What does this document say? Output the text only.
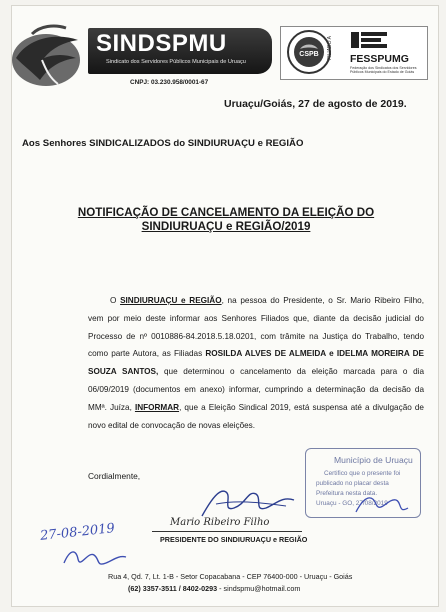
SINDSPMU
Sindicato dos Servidores Públicos Municipais de Uruaçu
CNPJ: 03.230.958/0001-67
CSPB FILIADO A FESSPUMG
Federação dos Sindicatos dos Servidores Públicos Municipais do Estado de Goiás
Uruaçu/Goiás, 27 de agosto de 2019.
Aos Senhores SINDICALIZADOS do SINDIURUAÇU e REGIÃO
NOTIFICAÇÃO DE CANCELAMENTO DA ELEIÇÃO DO
SINDIURUAÇU e REGIÃO/2019
O SINDIURUAÇU e REGIÃO, na pessoa do Presidente, o Sr. Mario Ribeiro Filho, vem por meio deste informar aos Senhores Filiados que, diante da decisão judicial do Processo de nº 0010886-84.2018.5.18.0201, com trâmite na Justiça do Trabalho, tendo como parte Autora, as Filiadas ROSILDA ALVES DE ALMEIDA e IDELMA MOREIRA DE SOUZA SANTOS, que determinou o cancelamento da eleição marcada para o dia 06/09/2019 (documentos em anexo) informar, cumprindo a determinação da decisão da MMª. Juíza, INFORMAR, que a Eleição Sindical 2019, está suspensa até a divulgação de novo edital de convocação de novas eleições.
Cordialmente,
Município de Uruaçu
Certifico que o presente foi
publicado no placar desta
Prefeitura nesta data.
Uruaçu - GO, 27/08/2019
Mario Ribeiro Filho
PRESIDENTE DO SINDIURUAÇU e REGIÃO
27-08-2019
Rua 4, Qd. 7, Lt. 1-B - Setor Copacabana - CEP 76400-000 - Uruaçu - Goiás
(62) 3357-3511 / 8402-0293 - sindspmu@hotmail.com
